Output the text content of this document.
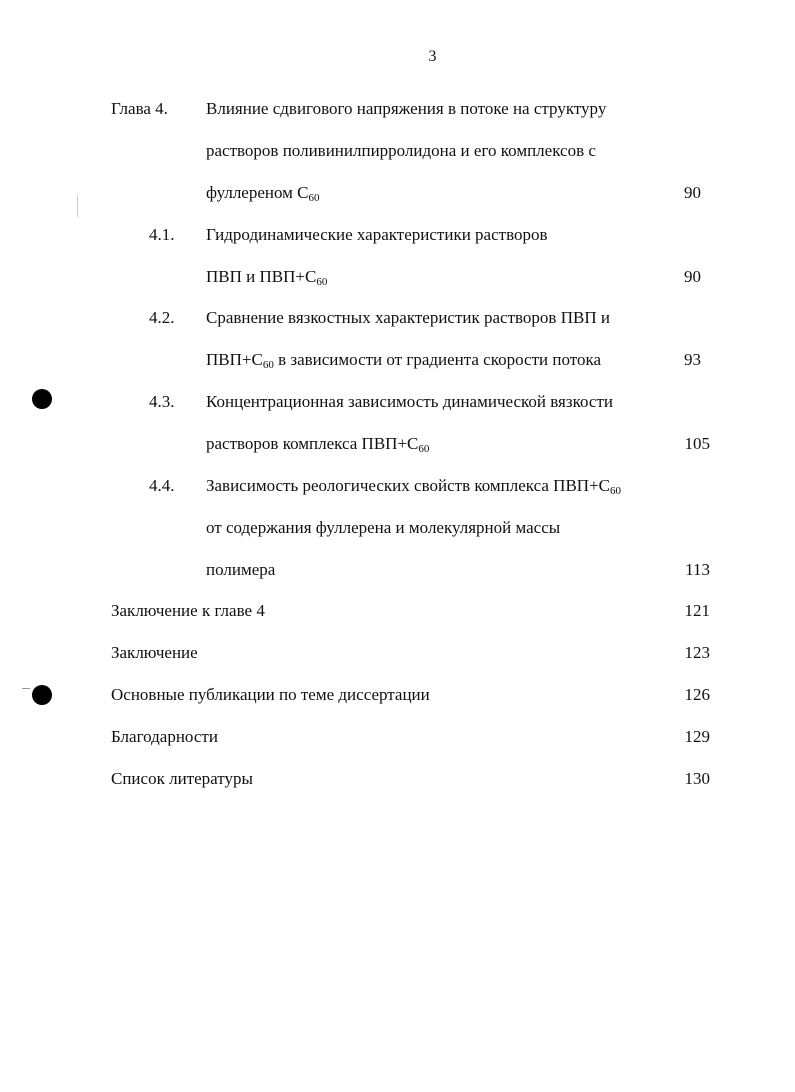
3
Глава 4. Влияние сдвигового напряжения в потоке на структуру
растворов поливинилпирролидона и его комплексов с
фуллереном $C_{60}$	90
4.1. Гидродинамические характеристики растворов
ПВП и $ПВП+C_{60}$	90
4.2. Сравнение вязкостных характеристик растворов ПВП и
$ПВП+C_{60}$ в зависимости от градиента скорости потока	93
4.3. Концентрационная зависимость динамической вязкости
растворов комплекса $ПВП+C_{60}$	105
4.4. Зависимость реологических свойств комплекса $ПВП+C_{60}$
от содержания фуллерена и молекулярной массы
полимера	113
Заключение к главе 4	121
Заключение	123
Основные публикации по теме диссертации	126
Благодарности	129
Список литературы	130
